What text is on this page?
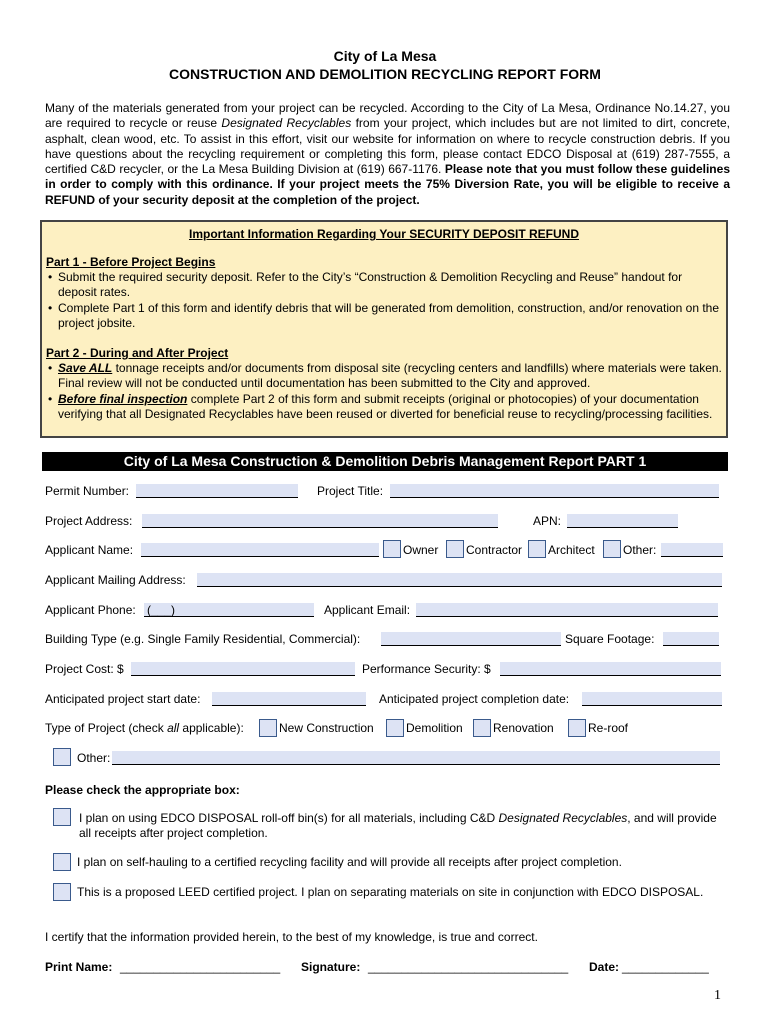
City of La Mesa
CONSTRUCTION AND DEMOLITION RECYCLING REPORT FORM
Many of the materials generated from your project can be recycled. According to the City of La Mesa, Ordinance No.14.27, you are required to recycle or reuse Designated Recyclables from your project, which includes but are not limited to dirt, concrete, asphalt, clean wood, etc. To assist in this effort, visit our website for information on where to recycle construction debris. If you have questions about the recycling requirement or completing this form, please contact EDCO Disposal at (619) 287-7555, a certified C&D recycler, or the La Mesa Building Division at (619) 667-1176. Please note that you must follow these guidelines in order to comply with this ordinance. If your project meets the 75% Diversion Rate, you will be eligible to receive a REFUND of your security deposit at the completion of the project.
Important Information Regarding Your SECURITY DEPOSIT REFUND
Part 1 - Before Project Begins
• Submit the required security deposit. Refer to the City’s “Construction & Demolition Recycling and Reuse” handout for deposit rates.
• Complete Part 1 of this form and identify debris that will be generated from demolition, construction, and/or renovation on the project jobsite.
Part 2 - During and After Project
• Save ALL tonnage receipts and/or documents from disposal site (recycling centers and landfills) where materials were taken. Final review will not be conducted until documentation has been submitted to the City and approved.
• Before final inspection complete Part 2 of this form and submit receipts (original or photocopies) of your documentation verifying that all Designated Recyclables have been reused or diverted for beneficial reuse to recycling/processing facilities.
City of La Mesa Construction & Demolition Debris Management Report PART 1
Permit Number:	Project Title:
Project Address:	APN:
Applicant Name:	Owner Contractor Architect Other:
Applicant Mailing Address:
Applicant Phone: (___)	Applicant Email:
Building Type (e.g. Single Family Residential, Commercial):	Square Footage:
Project Cost: $	Performance Security: $
Anticipated project start date:	Anticipated project completion date:
Type of Project (check all applicable):	New Construction	Demolition	Renovation	Re-roof
Other:
Please check the appropriate box:
I plan on using EDCO DISPOSAL roll-off bin(s) for all materials, including C&D Designated Recyclables, and will provide all receipts after project completion.
I plan on self-hauling to a certified recycling facility and will provide all receipts after project completion.
This is a proposed LEED certified project. I plan on separating materials on site in conjunction with EDCO DISPOSAL.
I certify that the information provided herein, to the best of my knowledge, is true and correct.
Print Name: ________________________ Signature: ______________________________ Date: _____________
1
